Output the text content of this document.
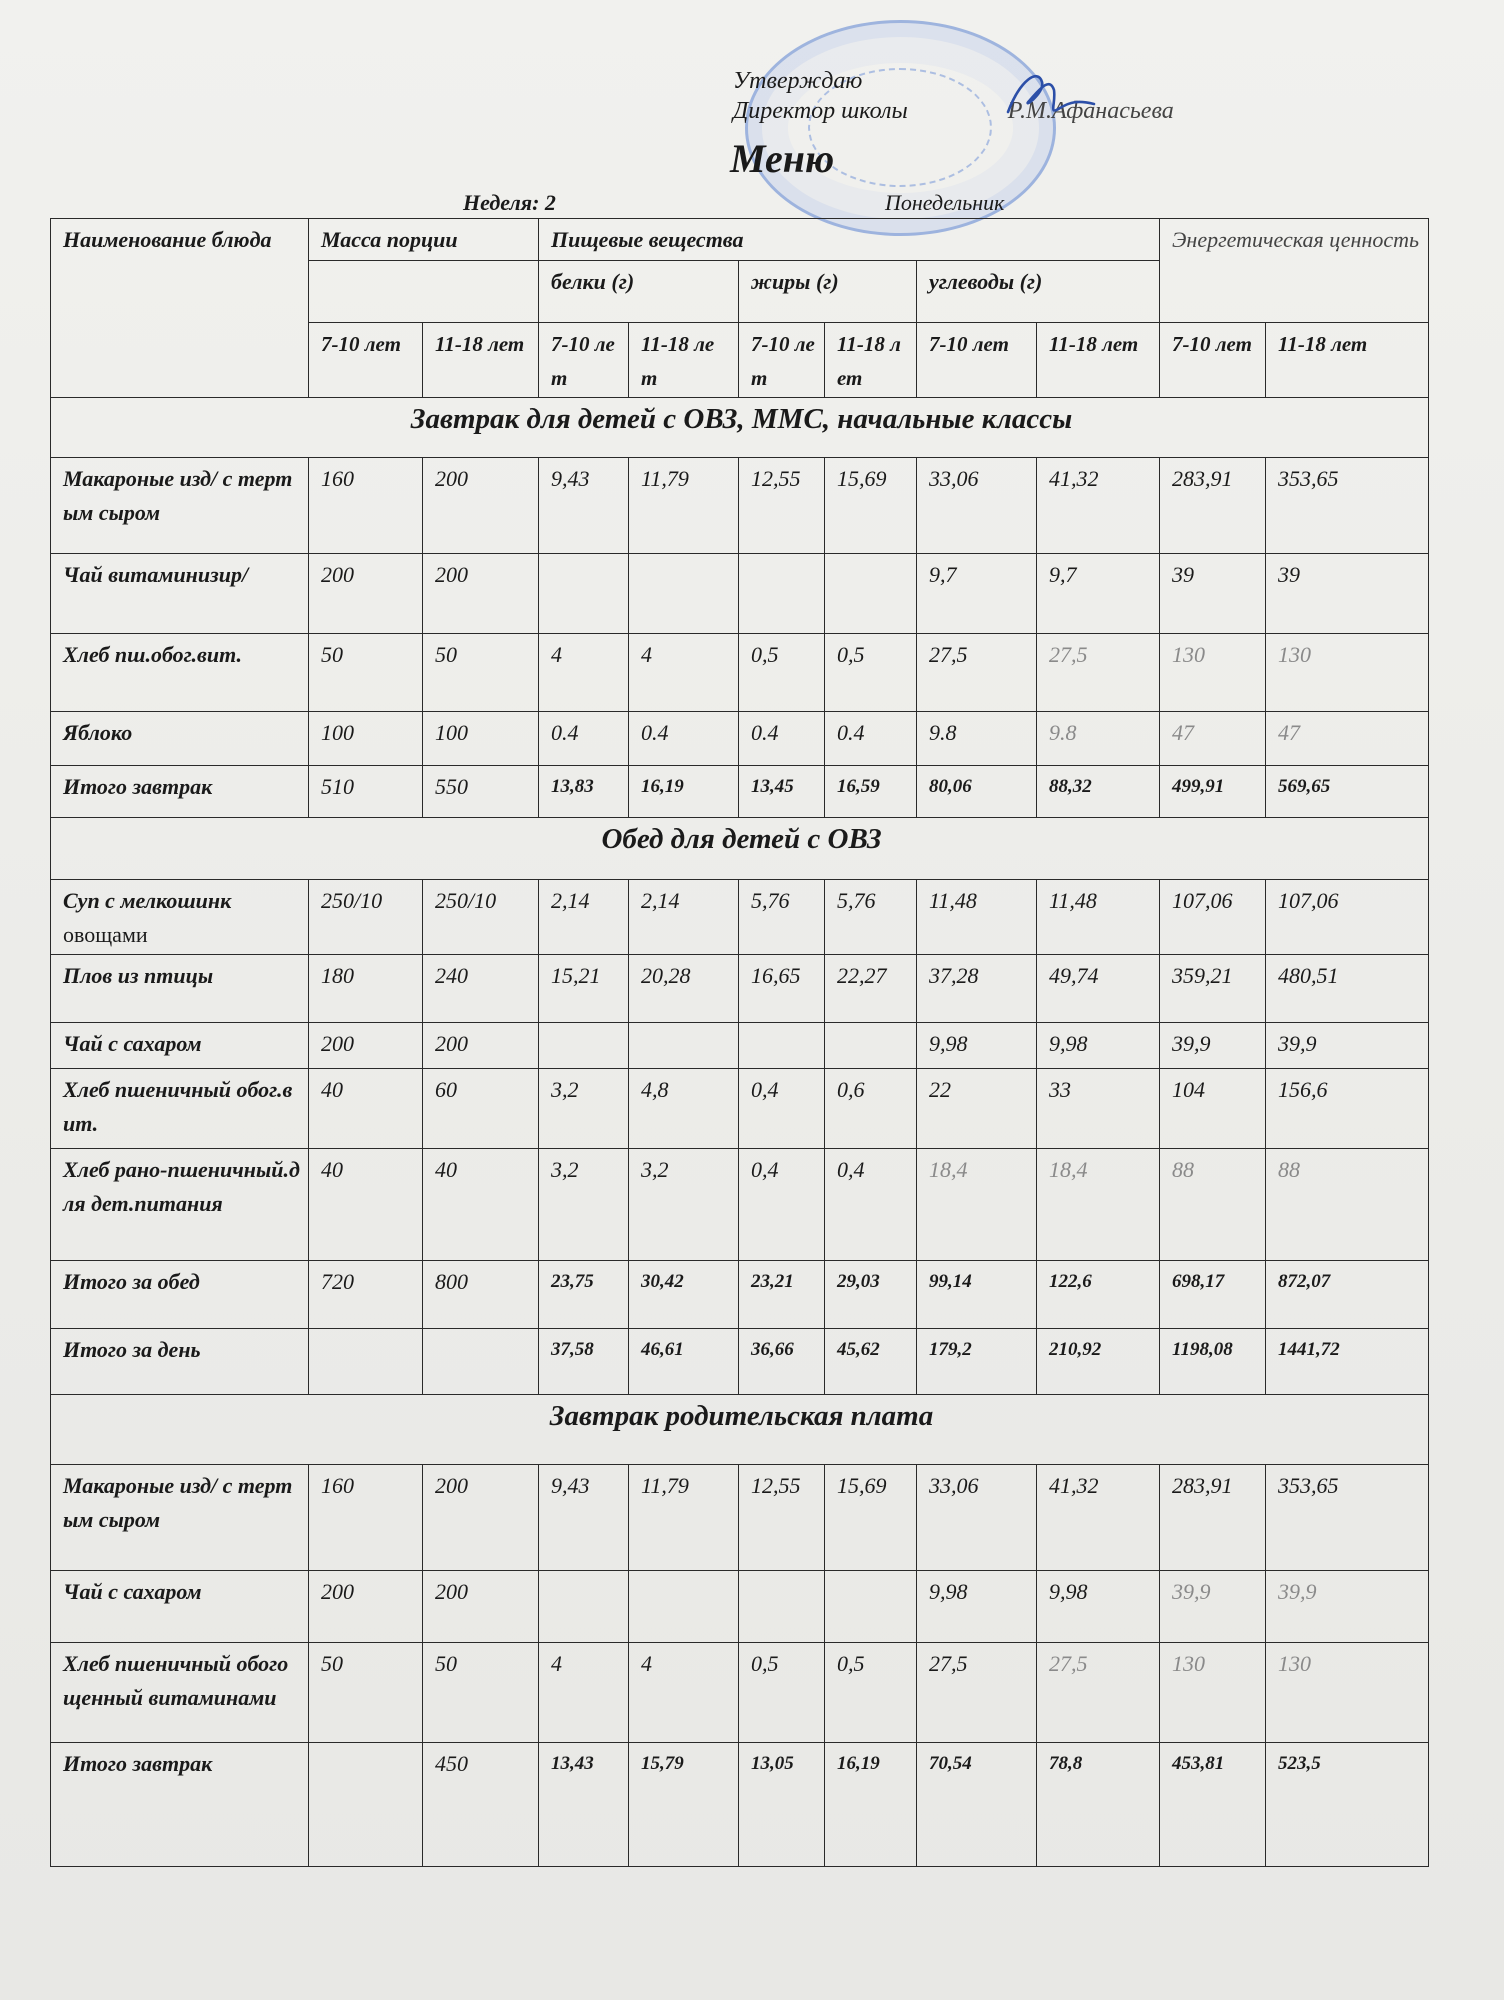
Утверждаю
Директор школы	Р.М.Афанасьева
Меню
Неделя: 2	Понедельник
Наименование блюда	Масса порции		Пищевые вещества						Энергетическая ценность	
			белки (г)		жиры (г)		углеводы (г)			
	7-10 лет	11-18 лет	7-10 лет	11-18 лет	7-10 лет	11-18 лет	7-10 лет	11-18 лет	7-10 лет	11-18 лет
Завтрак для детей с ОВЗ, ММС, начальные классы										
Макароные изд/ с тертым сыром	160	200	9,43	11,79	12,55	15,69	33,06	41,32	283,91	353,65
Чай витаминизир/	200	200					9,7	9,7	39	39
Хлеб пш.обог.вит.	50	50	4	4	0,5	0,5	27,5	27,5	130	130
Яблоко	100	100	0.4	0.4	0.4	0.4	9.8	9.8	47	47
Итого завтрак	510	550	13,83	16,19	13,45	16,59	80,06	88,32	499,91	569,65
Обед для детей с ОВЗ										
Суп с мелкошинк
овощами	250/10	250/10	2,14	2,14	5,76	5,76	11,48	11,48	107,06	107,06
Плов из птицы	180	240	15,21	20,28	16,65	22,27	37,28	49,74	359,21	480,51
Чай с сахаром	200	200					9,98	9,98	39,9	39,9
Хлеб пшеничный обог.вит.	40	60	3,2	4,8	0,4	0,6	22	33	104	156,6
Хлеб рано-пшеничный.для дет.питания	40	40	3,2	3,2	0,4	0,4	18,4	18,4	88	88
Итого за обед	720	800	23,75	30,42	23,21	29,03	99,14	122,6	698,17	872,07
Итого за день			37,58	46,61	36,66	45,62	179,2	210,92	1198,08	1441,72
Завтрак родительская плата										
Макароные изд/ с тертым сыром	160	200	9,43	11,79	12,55	15,69	33,06	41,32	283,91	353,65
Чай с сахаром	200	200					9,98	9,98	39,9	39,9
Хлеб пшеничный обогощенный витаминами	50	50	4	4	0,5	0,5	27,5	27,5	130	130
Итого завтрак		450	13,43	15,79	13,05	16,19	70,54	78,8	453,81	523,5
